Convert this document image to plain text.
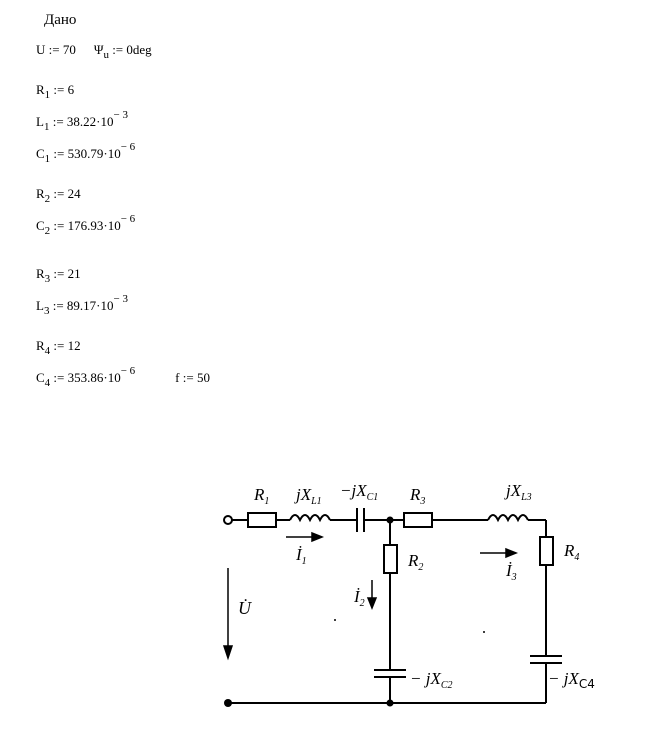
Дано
U := 70 $\Psi_u$ := 0deg
$R_1$ := 6
$L_1$ := $38.22\cdot 10^{- 3}$
$C_1$ := $530.79\cdot 10^{- 6}$
$R_2$ := 24
$C_2$ := $176.93\cdot 10^{- 6}$
$R_3$ := 21
$L_3$ := $89.17\cdot 10^{- 3}$
$R_4$ := 12
$C_4$ := $353.86\cdot 10^{- 6}$	f := 50
$R_1$ $jX_{L1}$
$-jX_{C1}$ $R_3$
$jX_{L3}$
$R_2$
$R_4$
$İ_1$
$İ_2$
$İ_3$
U̇
− $jX_{C2}$	− $jX_{C4}$
